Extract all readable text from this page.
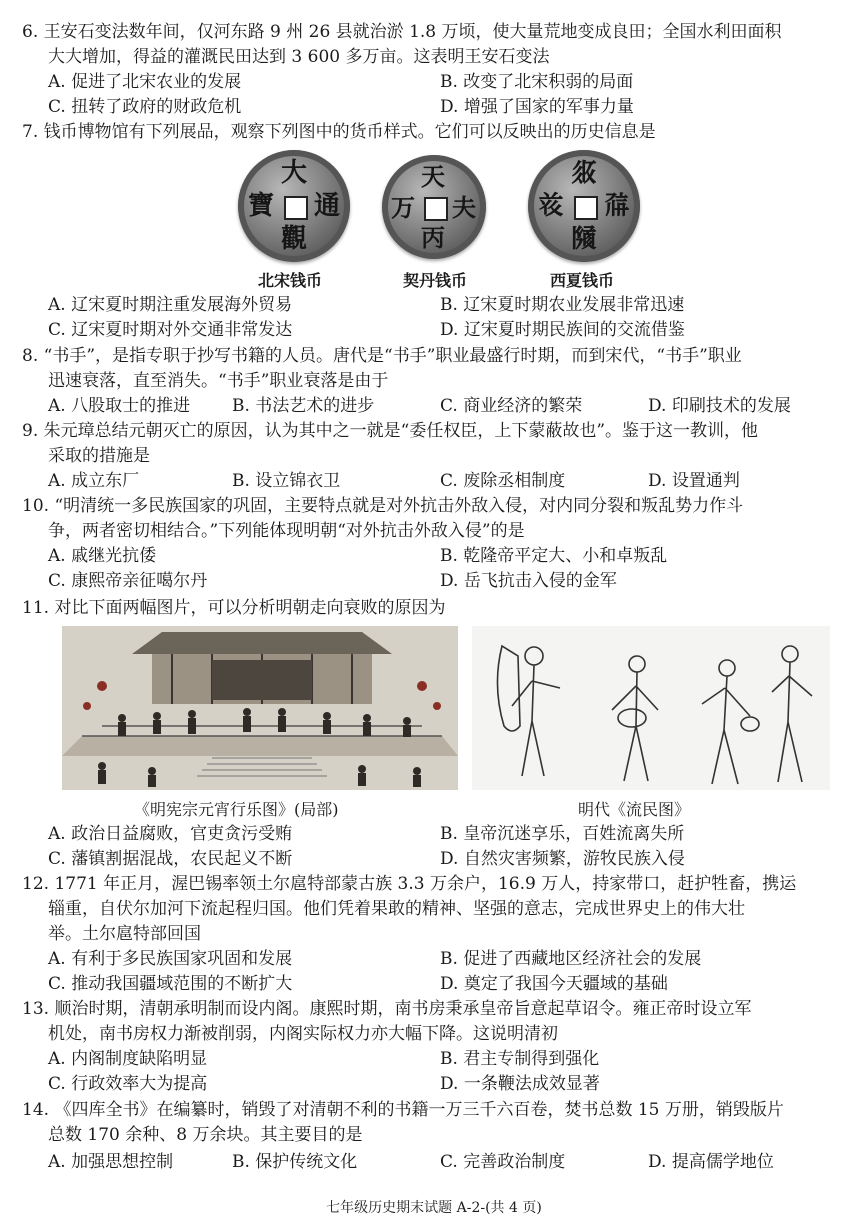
6. 王安石变法数年间，仅河东路 9 州 26 县就治淤 1.8 万顷，使大量荒地变成良田；全国水利田面积
大大增加，得益的灌溉民田达到 3 600 多万亩。这表明王安石变法
A. 促进了北宋农业的发展	B. 改变了北宋积弱的局面
C. 扭转了政府的财政危机	D. 增强了国家的军事力量
7. 钱币博物馆有下列展品，观察下列图中的货币样式。它们可以反映出的历史信息是
大
觀
寶 通
天
丙
万 夫
𗼇
𗂧
𘝞 𗗚
北宋钱币	契丹钱币	西夏钱币
A. 辽宋夏时期注重发展海外贸易	B. 辽宋夏时期农业发展非常迅速
C. 辽宋夏时期对外交通非常发达	D. 辽宋夏时期民族间的交流借鉴
8. “书手”，是指专职于抄写书籍的人员。唐代是“书手”职业最盛行时期，而到宋代，“书手”职业
迅速衰落，直至消失。“书手”职业衰落是由于
A. 八股取士的推进 B. 书法艺术的进步	C. 商业经济的繁荣	D. 印刷技术的发展
9. 朱元璋总结元朝灭亡的原因，认为其中之一就是“委任权臣，上下蒙蔽故也”。鉴于这一教训，他
采取的措施是
A. 成立东厂	B. 设立锦衣卫	C. 废除丞相制度	D. 设置通判
10. “明清统一多民族国家的巩固，主要特点就是对外抗击外敌入侵，对内同分裂和叛乱势力作斗
争，两者密切相结合。”下列能体现明朝“对外抗击外敌入侵”的是
A. 戚继光抗倭	B. 乾隆帝平定大、小和卓叛乱
C. 康熙帝亲征噶尔丹	D. 岳飞抗击入侵的金军
11. 对比下面两幅图片，可以分析明朝走向衰败的原因为
《明宪宗元宵行乐图》(局部)	明代《流民图》
A. 政治日益腐败，官吏贪污受贿	B. 皇帝沉迷享乐，百姓流离失所
C. 藩镇割据混战，农民起义不断	D. 自然灾害频繁，游牧民族入侵
12. 1771 年正月，渥巴锡率领土尔扈特部蒙古族 3.3 万余户，16.9 万人，持家带口，赶护牲畜，携运
辎重，自伏尔加河下流起程归国。他们凭着果敢的精神、坚强的意志，完成世界史上的伟大壮
举。土尔扈特部回国
A. 有利于多民族国家巩固和发展	B. 促进了西藏地区经济社会的发展
C. 推动我国疆域范围的不断扩大	D. 奠定了我国今天疆域的基础
13. 顺治时期，清朝承明制而设内阁。康熙时期，南书房秉承皇帝旨意起草诏令。雍正帝时设立军
机处，南书房权力渐被削弱，内阁实际权力亦大幅下降。这说明清初
A. 内阁制度缺陷明显	B. 君主专制得到强化
C. 行政效率大为提高	D. 一条鞭法成效显著
14. 《四库全书》在编纂时，销毁了对清朝不利的书籍一万三千六百卷，焚书总数 15 万册，销毁版片
总数 170 余种、8 万余块。其主要目的是
A. 加强思想控制	B. 保护传统文化	C. 完善政治制度	D. 提高儒学地位
七年级历史期末试题 A-2-(共 4 页)
